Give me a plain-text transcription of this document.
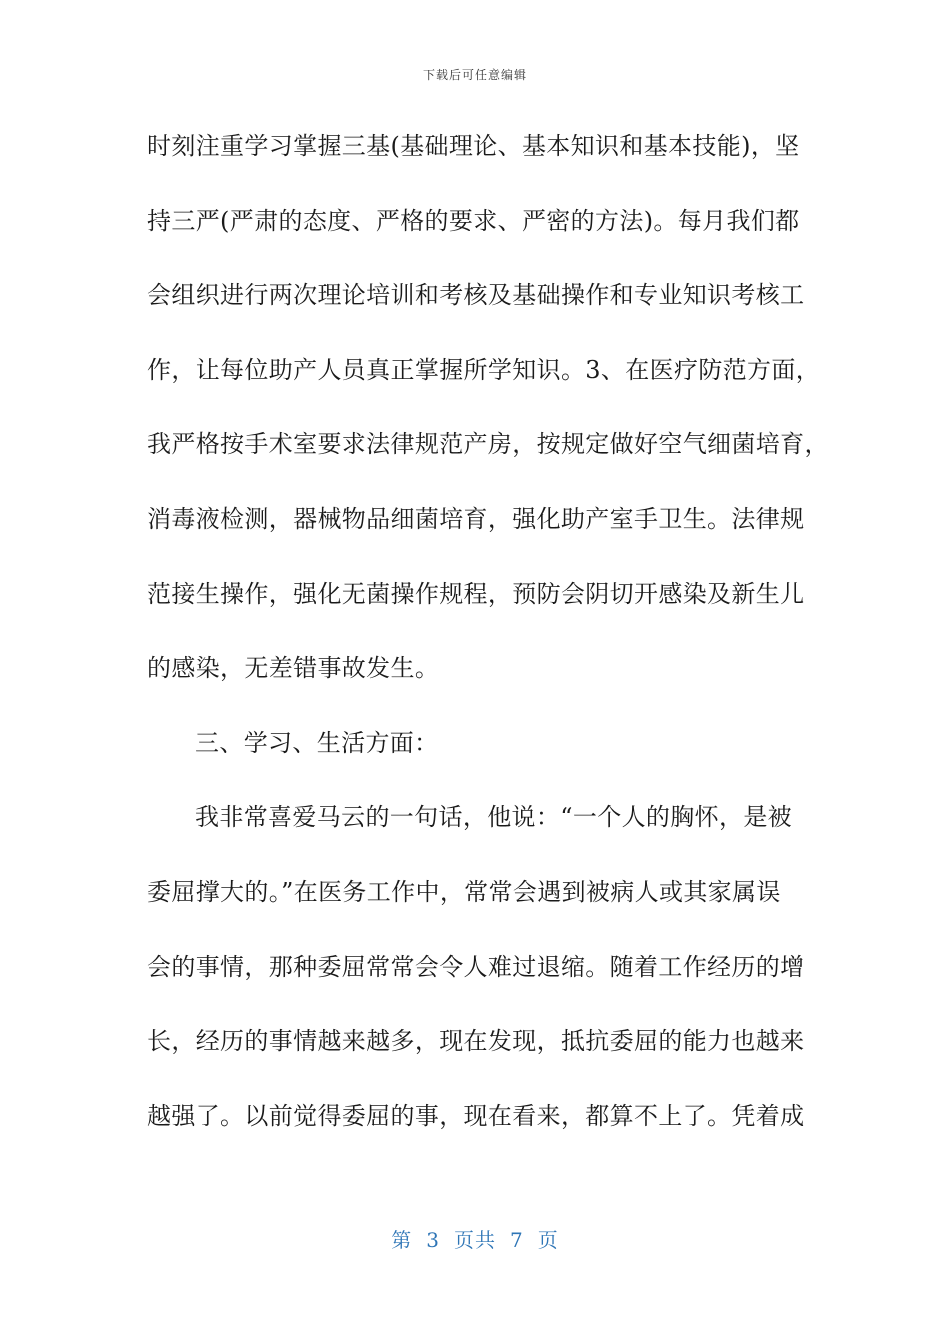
下载后可任意编辑
时刻注重学习掌握三基(基础理论、基本知识和基本技能)，坚
持三严(严肃的态度、严格的要求、严密的方法)。每月我们都
会组织进行两次理论培训和考核及基础操作和专业知识考核工
作，让每位助产人员真正掌握所学知识。3、在医疗防范方面，
我严格按手术室要求法律规范产房，按规定做好空气细菌培育，
消毒液检测，器械物品细菌培育，强化助产室手卫生。法律规
范接生操作，强化无菌操作规程，预防会阴切开感染及新生儿
的感染，无差错事故发生。
三、学习、生活方面：
我非常喜爱马云的一句话，他说：“一个人的胸怀，是被
委屈撑大的。”在医务工作中，常常会遇到被病人或其家属误
会的事情，那种委屈常常会令人难过退缩。随着工作经历的增
长，经历的事情越来越多，现在发现，抵抗委屈的能力也越来
越强了。以前觉得委屈的事，现在看来，都算不上了。凭着成
第 3 页共 7 页
